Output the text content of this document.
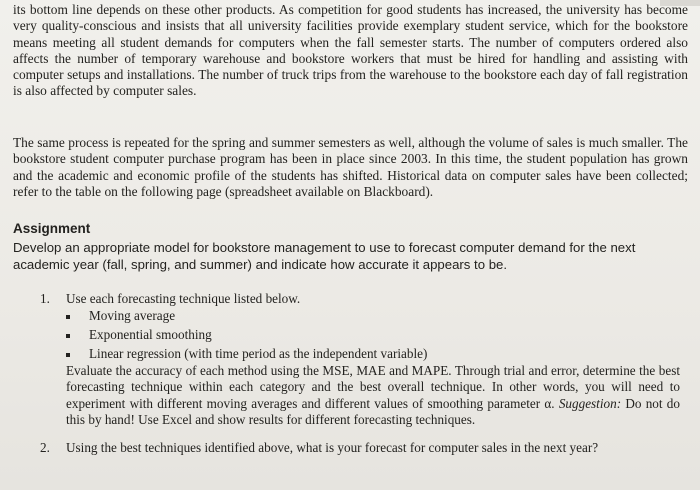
its bottom line depends on these other products. As competition for good students has increased, the university has become very quality-conscious and insists that all university facilities provide exemplary student service, which for the bookstore means meeting all student demands for computers when the fall semester starts. The number of computers ordered also affects the number of temporary warehouse and bookstore workers that must be hired for handling and assisting with computer setups and installations. The number of truck trips from the warehouse to the bookstore each day of fall registration is also affected by computer sales.
The same process is repeated for the spring and summer semesters as well, although the volume of sales is much smaller. The bookstore student computer purchase program has been in place since 2003. In this time, the student population has grown and the academic and economic profile of the students has shifted. Historical data on computer sales have been collected; refer to the table on the following page (spreadsheet available on Blackboard).
Assignment
Develop an appropriate model for bookstore management to use to forecast computer demand for the next academic year (fall, spring, and summer) and indicate how accurate it appears to be.
1. Use each forecasting technique listed below.
Moving average
Exponential smoothing
Linear regression (with time period as the independent variable)
Evaluate the accuracy of each method using the MSE, MAE and MAPE. Through trial and error, determine the best forecasting technique within each category and the best overall technique. In other words, you will need to experiment with different moving averages and different values of smoothing parameter α. Suggestion: Do not do this by hand! Use Excel and show results for different forecasting techniques.
2. Using the best techniques identified above, what is your forecast for computer sales in the next year?
